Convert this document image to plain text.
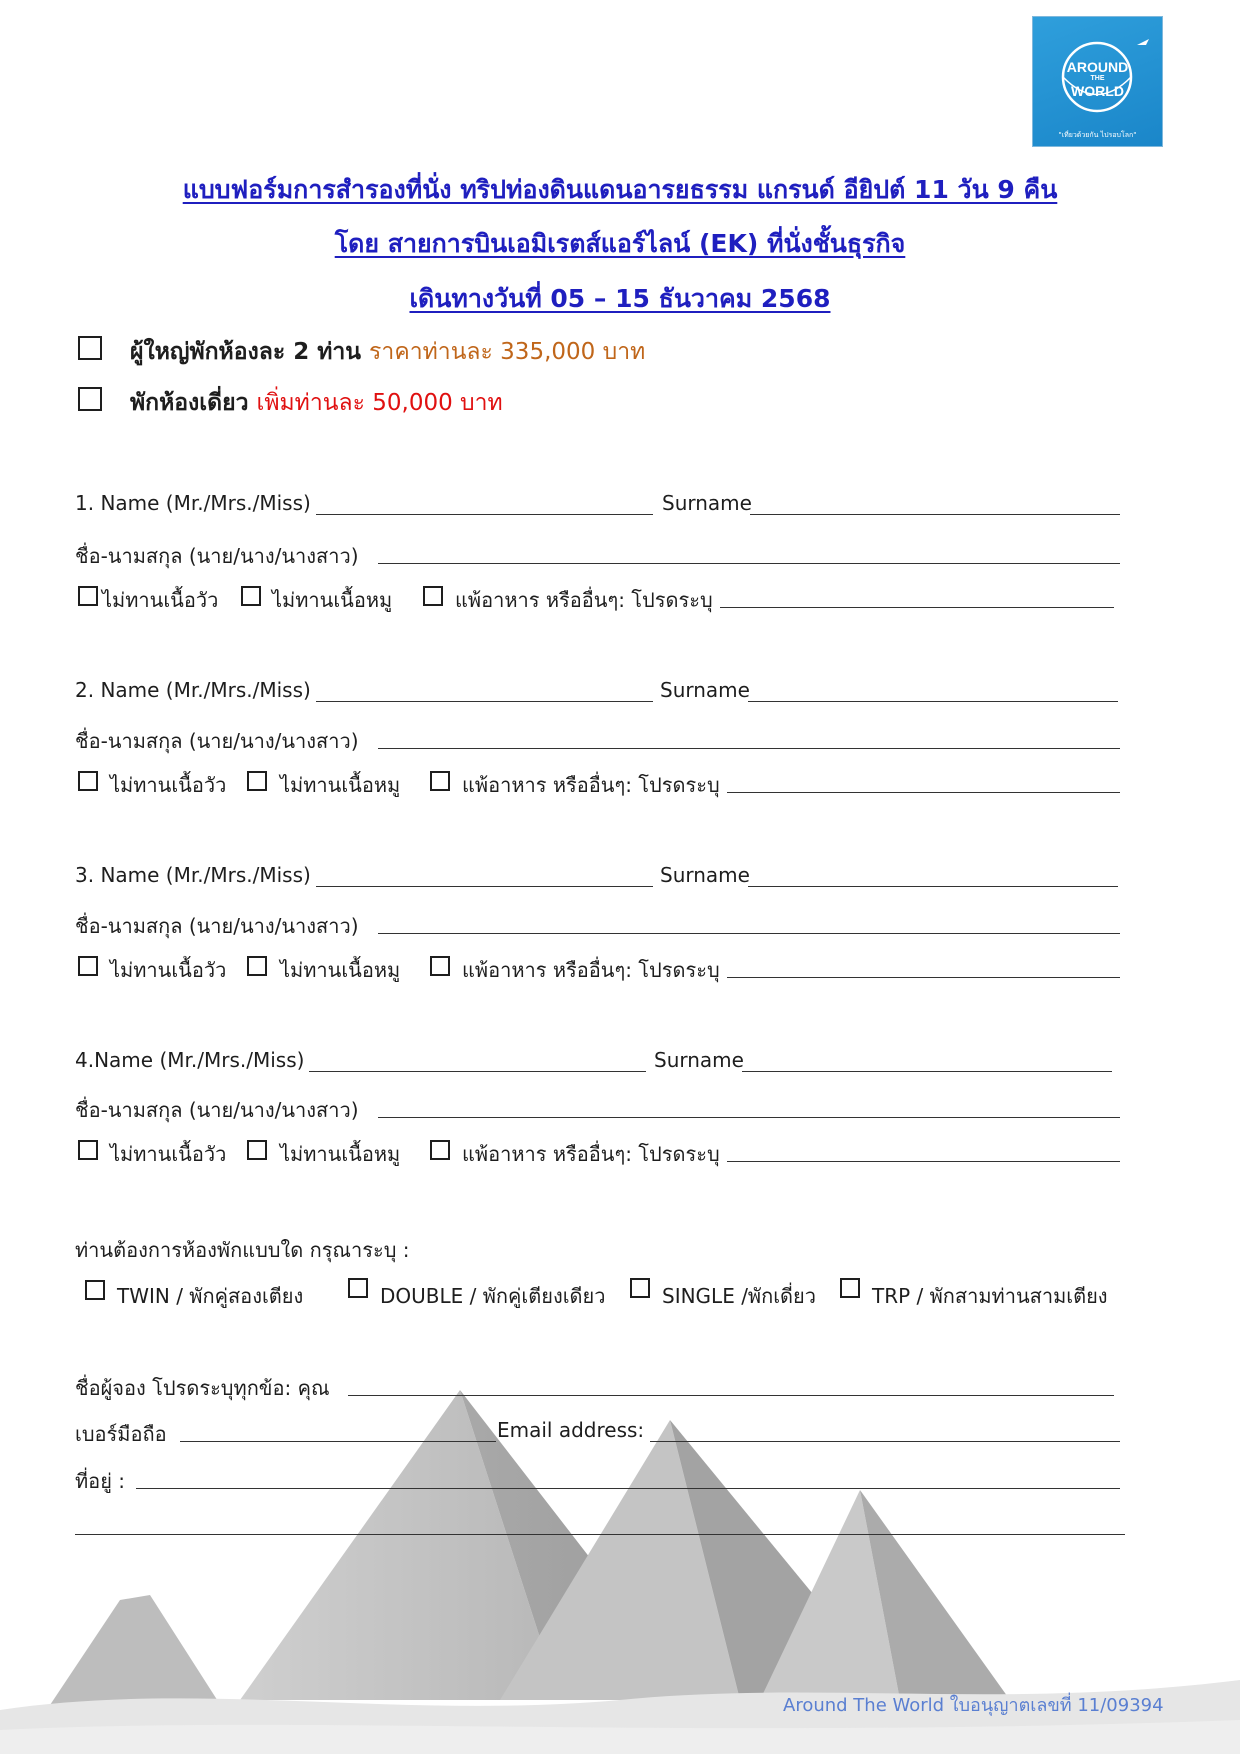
AROUND
THE
WORLD
"เที่ยวด้วยกัน ไปรอบโลก"
แบบฟอร์มการสำรองที่นั่ง ทริปท่องดินแดนอารยธรรม แกรนด์ อียิปต์ 11 วัน 9 คืน
โดย สายการบินเอมิเรตส์แอร์ไลน์ (EK) ที่นั่งชั้นธุรกิจ
เดินทางวันที่ 05 – 15 ธันวาคม 2568
ผู้ใหญ่พักห้องละ 2 ท่าน ราคาท่านละ 335,000 บาท
พักห้องเดี่ยว เพิ่มท่านละ 50,000 บาท
1. Name (Mr./Mrs./Miss)	Surname
ชื่อ-นามสกุล (นาย/นาง/นางสาว)
ไม่ทานเนื้อวัว	ไม่ทานเนื้อหมู	แพ้อาหาร หรืออื่นๆ: โปรดระบุ
2. Name (Mr./Mrs./Miss)	Surname
ชื่อ-นามสกุล (นาย/นาง/นางสาว)
ไม่ทานเนื้อวัว	ไม่ทานเนื้อหมู	แพ้อาหาร หรืออื่นๆ: โปรดระบุ
3. Name (Mr./Mrs./Miss)	Surname
ชื่อ-นามสกุล (นาย/นาง/นางสาว)
ไม่ทานเนื้อวัว	ไม่ทานเนื้อหมู	แพ้อาหาร หรืออื่นๆ: โปรดระบุ
4.Name (Mr./Mrs./Miss)	Surname
ชื่อ-นามสกุล (นาย/นาง/นางสาว)
ไม่ทานเนื้อวัว	ไม่ทานเนื้อหมู	แพ้อาหาร หรืออื่นๆ: โปรดระบุ
ท่านต้องการห้องพักแบบใด กรุณาระบุ :
TWIN / พักคู่สองเตียง	DOUBLE / พักคู่เตียงเดียว	SINGLE /พักเดี่ยว	TRP / พักสามท่านสามเตียง
ชื่อผู้จอง โปรดระบุทุกข้อ: คุณ
เบอร์มือถือ	Email address:
ที่อยู่ :
Around The World ใบอนุญาตเลขที่ 11/09394
